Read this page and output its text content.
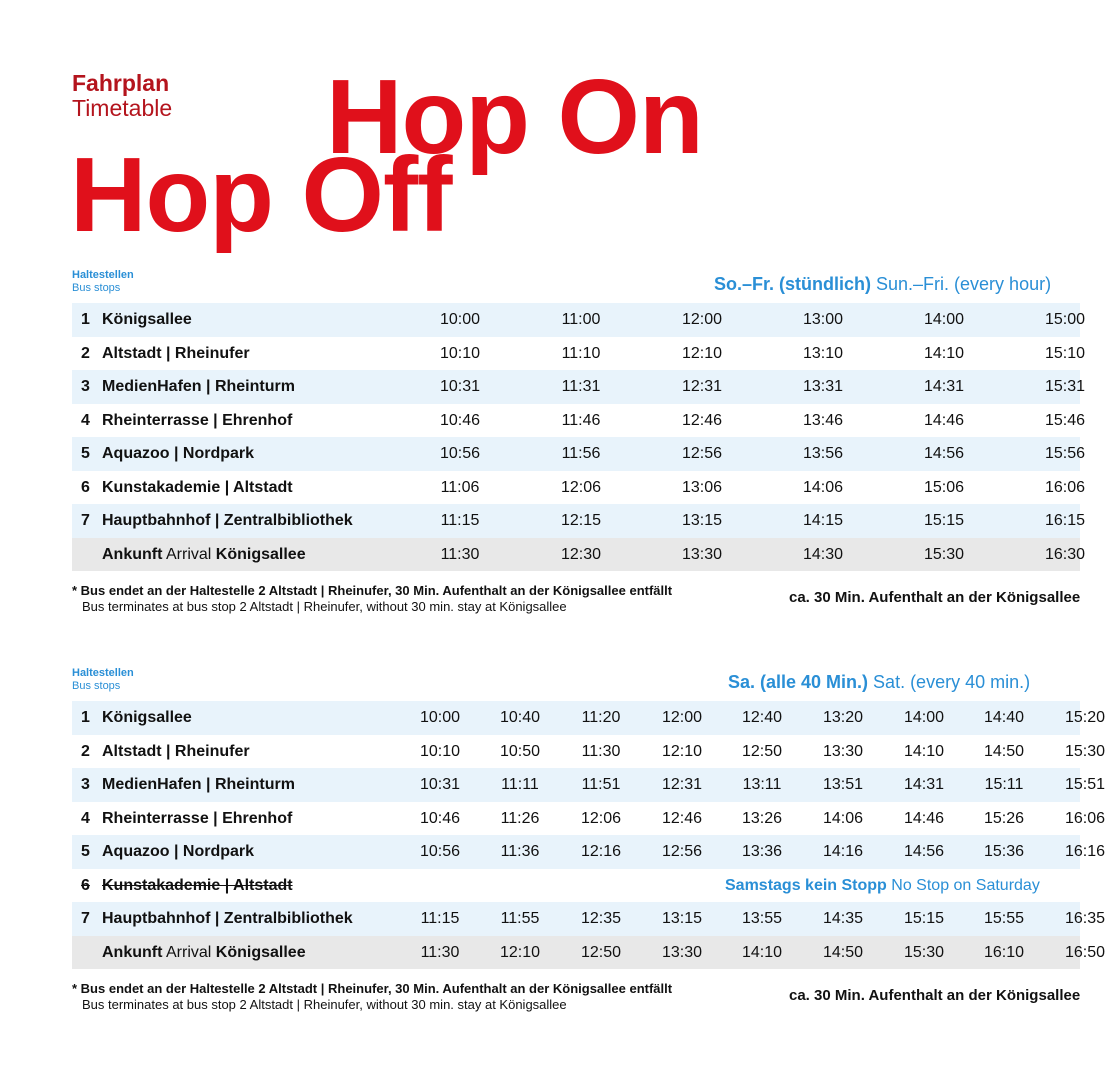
Fahrplan
Timetable Hop On
Hop Off
Haltestellen
Bus stops	So.–Fr. (stündlich) Sun.–Fri. (every hour)
1 Königsallee	10:00	11:00	12:00	13:00	14:00	15:00
2 Altstadt | Rheinufer	10:10	11:10	12:10	13:10	14:10	15:10
3 MedienHafen | Rheinturm	10:31	11:31	12:31	13:31	14:31	15:31
4 Rheinterrasse | Ehrenhof	10:46	11:46	12:46	13:46	14:46	15:46
5 Aquazoo | Nordpark	10:56	11:56	12:56	13:56	14:56	15:56
6 Kunstakademie | Altstadt	11:06	12:06	13:06	14:06	15:06	16:06
7 Hauptbahnhof | Zentralbibliothek	11:15	12:15	13:15	14:15	15:15	16:15
Ankunft Arrival Königsallee	11:30	12:30	13:30	14:30	15:30	16:30
* Bus endet an der Haltestelle 2 Altstadt | Rheinufer, 30 Min. Aufenthalt an der Königsallee entfällt
Bus terminates at bus stop 2 Altstadt | Rheinufer, without 30 min. stay at Königsallee
ca. 30 Min. Aufenthalt an der Königsallee
Haltestellen
Bus stops	Sa. (alle 40 Min.) Sat. (every 40 min.)
1 Königsallee	10:00	10:40	11:20	12:00	12:40	13:20	14:00	14:40	15:20
2 Altstadt | Rheinufer	10:10	10:50	11:30	12:10	12:50	13:30	14:10	14:50	15:30
3 MedienHafen | Rheinturm	10:31	11:11	11:51	12:31	13:11	13:51	14:31	15:11	15:51
4 Rheinterrasse | Ehrenhof	10:46	11:26	12:06	12:46	13:26	14:06	14:46	15:26	16:06
5 Aquazoo | Nordpark	10:56	11:36	12:16	12:56	13:36	14:16	14:56	15:36	16:16
6 Kunstakademie | Altstadt	Samstags kein Stopp No Stop on Saturday
7 Hauptbahnhof | Zentralbibliothek	11:15	11:55	12:35	13:15	13:55	14:35	15:15	15:55	16:35
Ankunft Arrival Königsallee	11:30	12:10	12:50	13:30	14:10	14:50	15:30	16:10	16:50
* Bus endet an der Haltestelle 2 Altstadt | Rheinufer, 30 Min. Aufenthalt an der Königsallee entfällt
Bus terminates at bus stop 2 Altstadt | Rheinufer, without 30 min. stay at Königsallee
ca. 30 Min. Aufenthalt an der Königsallee
